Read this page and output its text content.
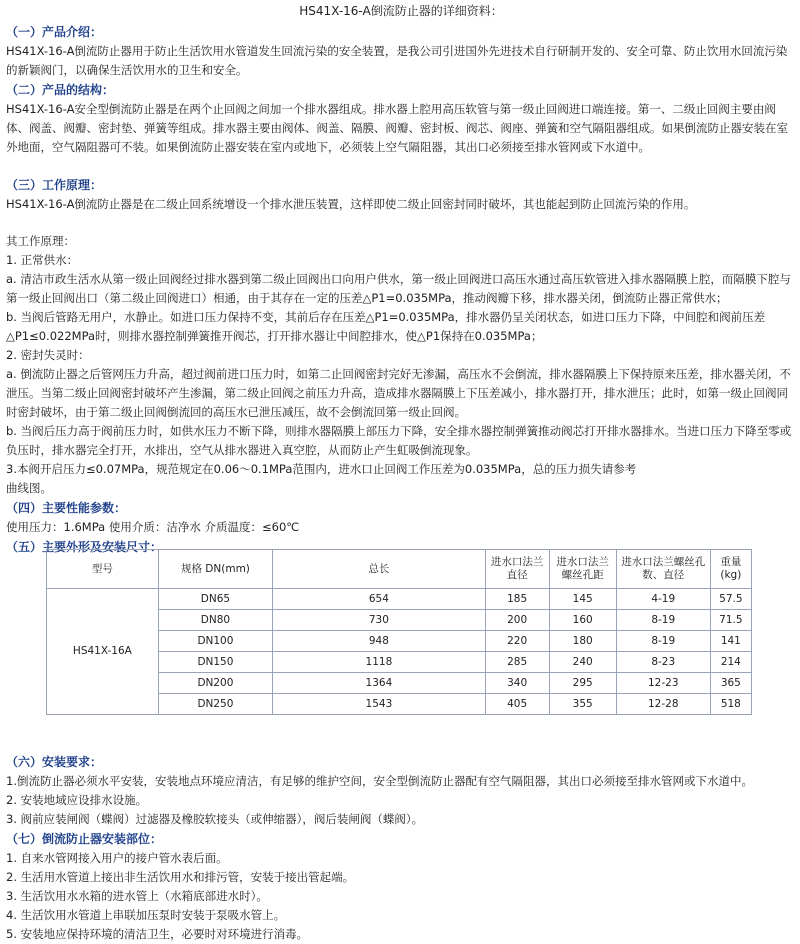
HS41X-16-A倒流防止器的详细资料：

（一）产品介绍：

HS41X-16-A倒流防止器用于防止生活饮用水管道发生回流污染的安全装置，是我公司引进国外先进技术自行研制开发的、安全可靠、防止饮用水回流污染的新颖阀门，以确保生活饮用水的卫生和安全。

（二）产品的结构：

HS41X-16-A安全型倒流防止器是在两个止回阀之间加一个排水器组成。排水器上腔用高压软管与第一级止回阀进口端连接。第一、二级止回阀主要由阀体、阀盖、阀瓣、密封垫、弹簧等组成。排水器主要由阀体、阀盖、隔膜、阀瓣、密封板、阀芯、阀座、弹簧和空气隔阻器组成。如果倒流防止器安装在室外地面，空气隔阻器可不装。如果倒流防止器安装在室内或地下，必须装上空气隔阻器，其出口必须接至排水管网或下水道中。

（三）工作原理：

HS41X-16-A倒流防止器是在二级止回系统增设一个排水泄压装置，这样即使二级止回密封同时破坏，其也能起到防止回流污染的作用。

其工作原理：

1. 正常供水：

a. 清洁市政生活水从第一级止回阀经过排水器到第二级止回阀出口向用户供水，第一级止回阀进口高压水通过高压软管进入排水器隔膜上腔，而隔膜下腔与第一级止回阀出口（第二级止回阀进口）相通，由于其存在一定的压差△P1=0.035MPa，推动阀瓣下移，排水器关闭，倒流防止器正常供水；

b. 当阀后管路无用户，水静止。如进口压力保持不变，其前后存在压差△P1=0.035MPa，排水器仍呈关闭状态，如进口压力下降，中间腔和阀前压差△P1≤0.022MPa时，则排水器控制弹簧推开阀芯，打开排水器让中间腔排水，使△P1保持在0.035MPa；

2. 密封失灵时：

a. 倒流防止器之后管网压力升高，超过阀前进口压力时，如第二止回阀密封完好无渗漏，高压水不会倒流，排水器隔膜上下保持原来压差，排水器关闭，不泄压。当第二级止回阀密封破坏产生渗漏，第二级止回阀之前压力升高，造成排水器隔膜上下压差减小，排水器打开，排水泄压；此时，如第一级止回阀同时密封破坏，由于第二级止回阀倒流回的高压水已泄压减压，故不会倒流回第一级止回阀。

b. 当阀后压力高于阀前压力时，如供水压力不断下降，则排水器隔膜上部压力下降，安全排水器控制弹簧推动阀芯打开排水器排水。当进口压力下降至零或负压时，排水器完全打开，水排出，空气从排水器进入真空腔，从而防止产生虹吸倒流现象。

3.本阀开启压力≤0.07MPa，规范规定在0.06～0.1MPa范围内，进水口止回阀工作压差为0.035MPa，总的压力损失请参考

曲线图。

（四）主要性能参数：

使用压力：1.6MPa 使用介质：洁净水 介质温度：≤60℃

（五）主要外形及安装尺寸：

型号	规格 DN(mm)	总长	进水口法兰直径	进水口法兰螺丝孔距	进水口法兰螺丝孔数、直径	重量(kg)
HS41X-16A	DN65	654	185	145	4-19	57.5
	DN80	730	200	160	8-19	71.5
	DN100	948	220	180	8-19	141
	DN150	1118	285	240	8-23	214
	DN200	1364	340	295	12-23	365
	DN250	1543	405	355	12-28	518

（六）安装要求：

1.倒流防止器必须水平安装，安装地点环境应清洁，有足够的维护空间，安全型倒流防止器配有空气隔阻器，其出口必须接至排水管网或下水道中。

2. 安装地域应设排水设施。

3. 阀前应装闸阀（蝶阀）过滤器及橡胶软接头（或伸缩器），阀后装闸阀（蝶阀）。

（七）倒流防止器安装部位：

1. 自来水管网接入用户的接户管水表后面。

2. 生活用水管道上接出非生活饮用水和排污管，安装于接出管起端。

3. 生活饮用水水箱的进水管上（水箱底部进水时）。

4. 生活饮用水管道上串联加压泵时安装于泵吸水管上。

5. 安装地应保持环境的清洁卫生，必要时对环境进行消毒。
